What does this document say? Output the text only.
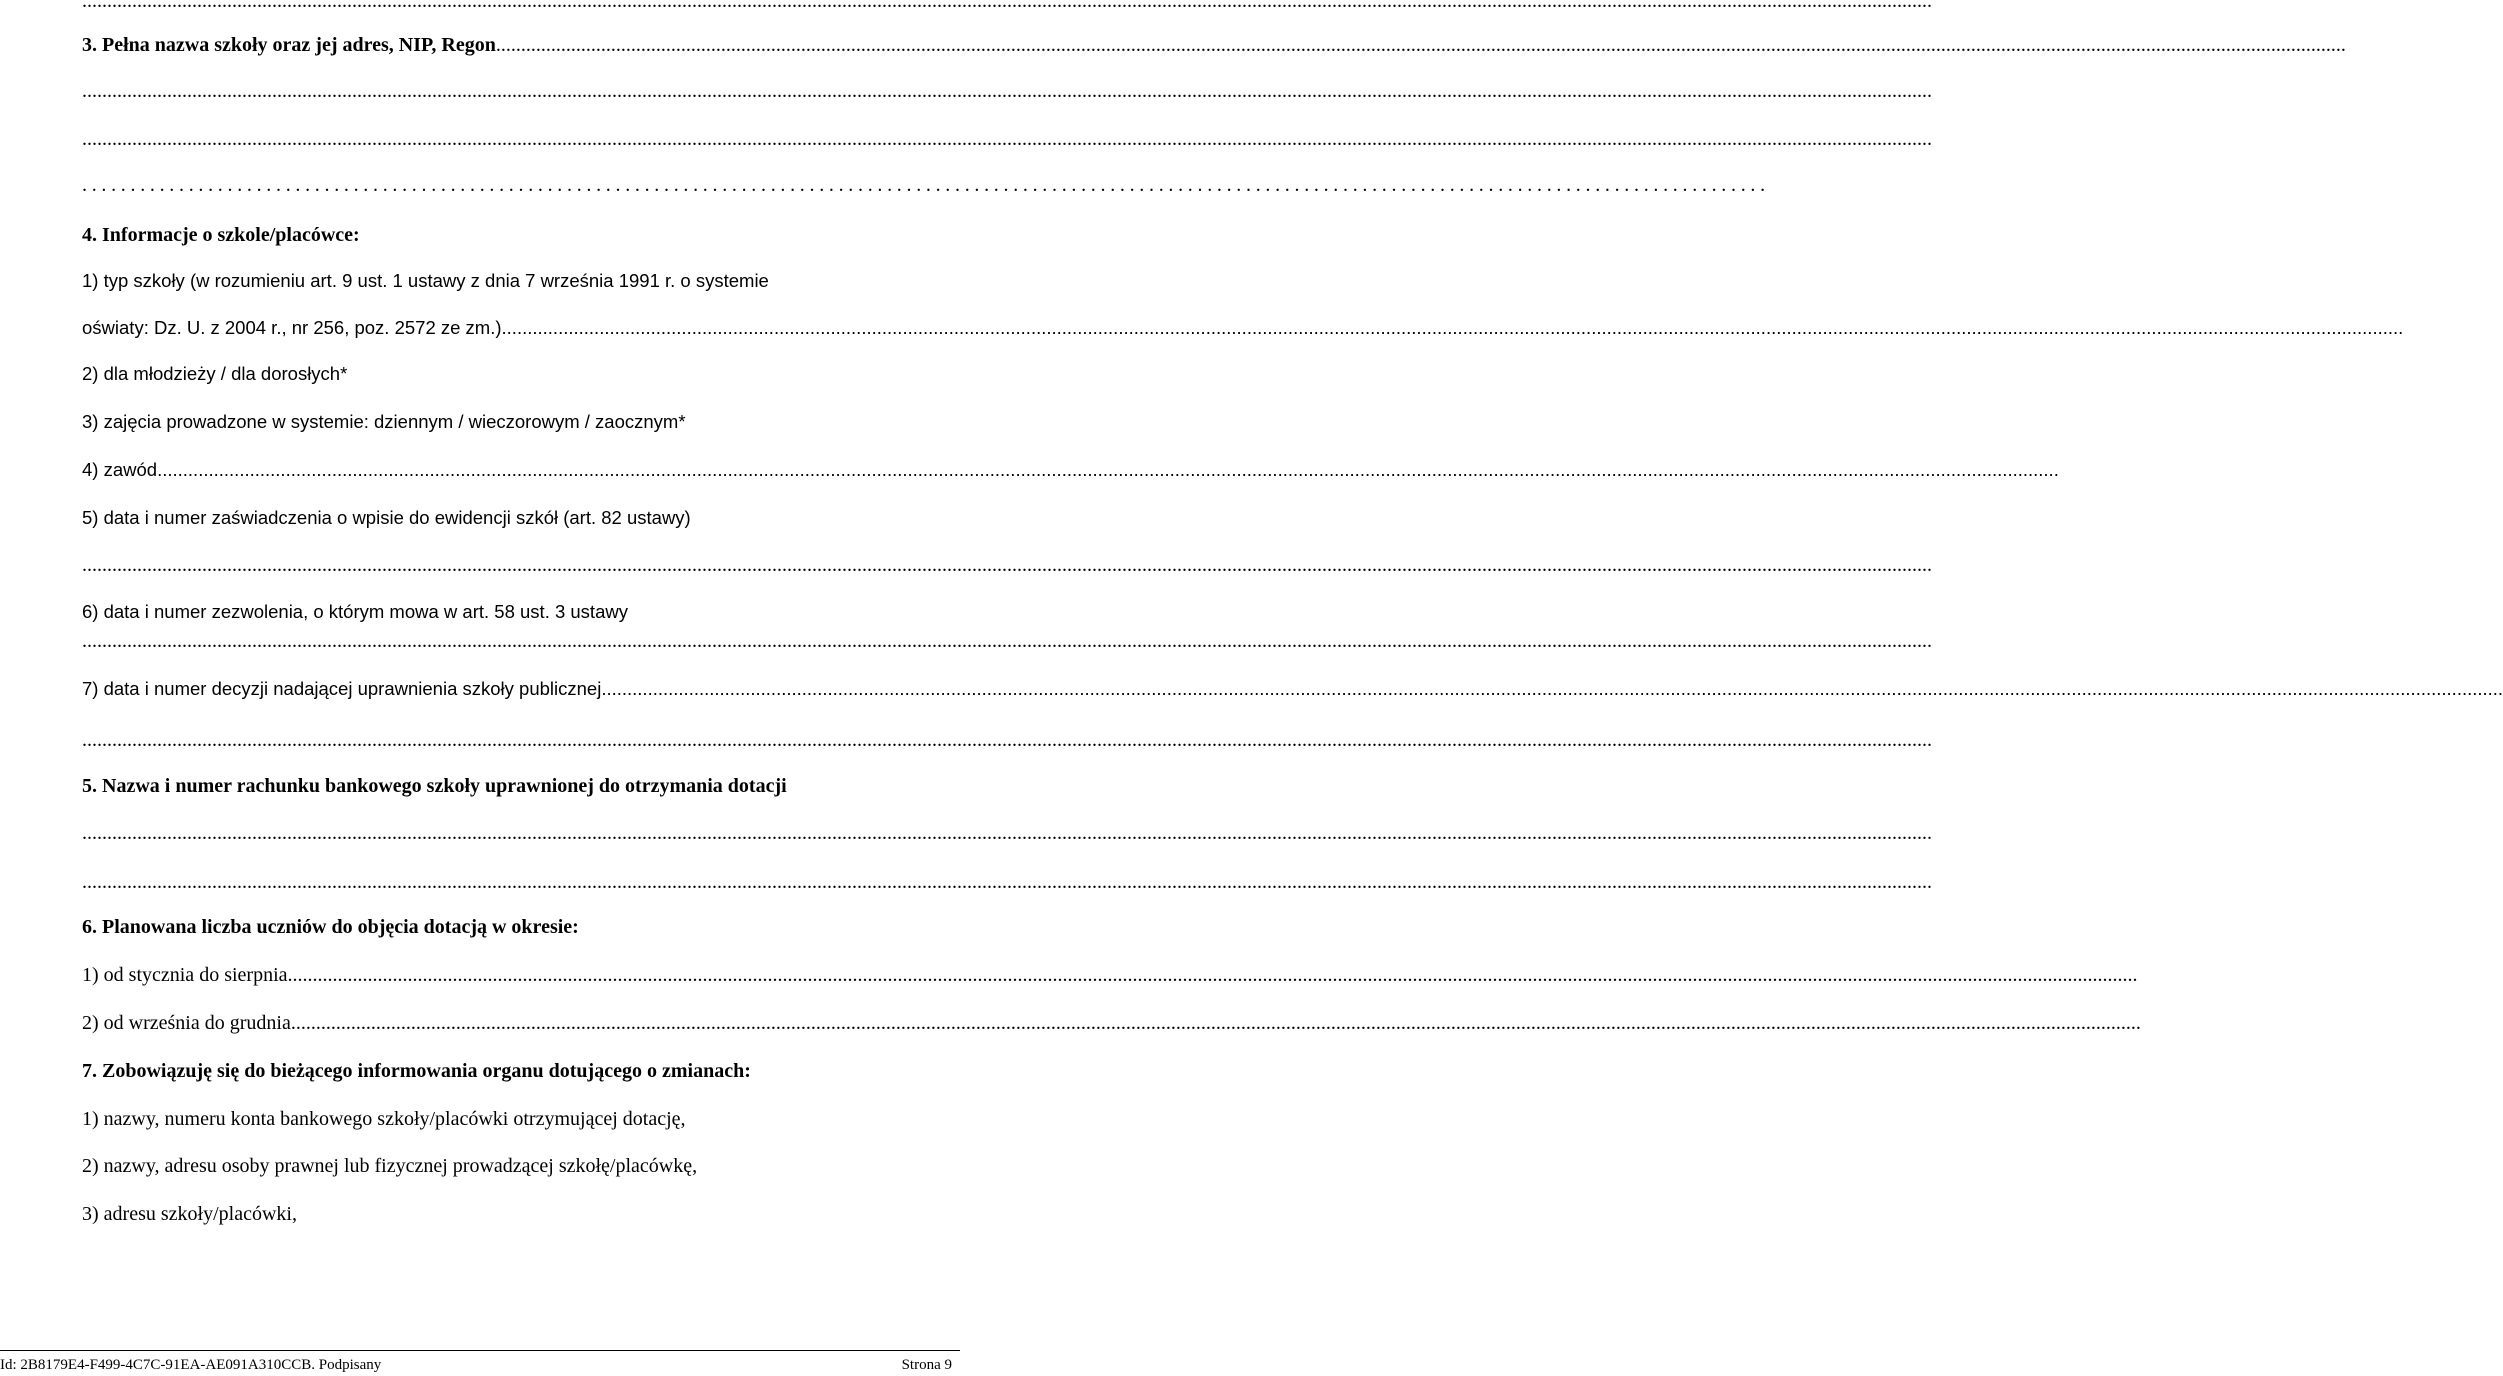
..................................................................................................................................................................................................................................................................................................................................................................................
3. Pełna nazwa szkoły oraz jej adres, NIP, Regon ..................................................................................................................................................................................................................................................................................................................................................................................
..................................................................................................................................................................................................................................................................................................................................................................................
..................................................................................................................................................................................................................................................................................................................................................................................
..............................................................................................................................................................................
4. Informacje o szkole/placówce:
1) typ szkoły (w rozumieniu art. 9 ust. 1 ustawy z dnia 7 września 1991 r. o systemie
oświaty: Dz. U. z 2004 r., nr 256, poz. 2572 ze zm.) ..................................................................................................................................................................................................................................................................................................................................................................................
2) dla młodzieży / dla dorosłych*
3) zajęcia prowadzone w systemie: dziennym / wieczorowym / zaocznym*
4) zawód ..................................................................................................................................................................................................................................................................................................................................................................................
5) data i numer zaświadczenia o wpisie do ewidencji szkół (art. 82 ustawy)
..................................................................................................................................................................................................................................................................................................................................................................................
6) data i numer zezwolenia, o którym mowa w art. 58 ust. 3 ustawy
..................................................................................................................................................................................................................................................................................................................................................................................
7) data i numer decyzji nadającej uprawnienia szkoły publicznej ..................................................................................................................................................................................................................................................................................................................................................................................
..................................................................................................................................................................................................................................................................................................................................................................................
5. Nazwa i numer rachunku bankowego szkoły uprawnionej do otrzymania dotacji
..................................................................................................................................................................................................................................................................................................................................................................................
..................................................................................................................................................................................................................................................................................................................................................................................
6. Planowana liczba uczniów do objęcia dotacją w okresie:
1) od stycznia do sierpnia ..................................................................................................................................................................................................................................................................................................................................................................................
2) od września do grudnia ..................................................................................................................................................................................................................................................................................................................................................................................
7. Zobowiązuję się do bieżącego informowania organu dotującego o zmianach:
1) nazwy, numeru konta bankowego szkoły/placówki otrzymującej dotację,
2) nazwy, adresu osoby prawnej lub fizycznej prowadzącej szkołę/placówkę,
3) adresu szkoły/placówki,
Id: 2B8179E4-F499-4C7C-91EA-AE091A310CCB. Podpisany	Strona 9
